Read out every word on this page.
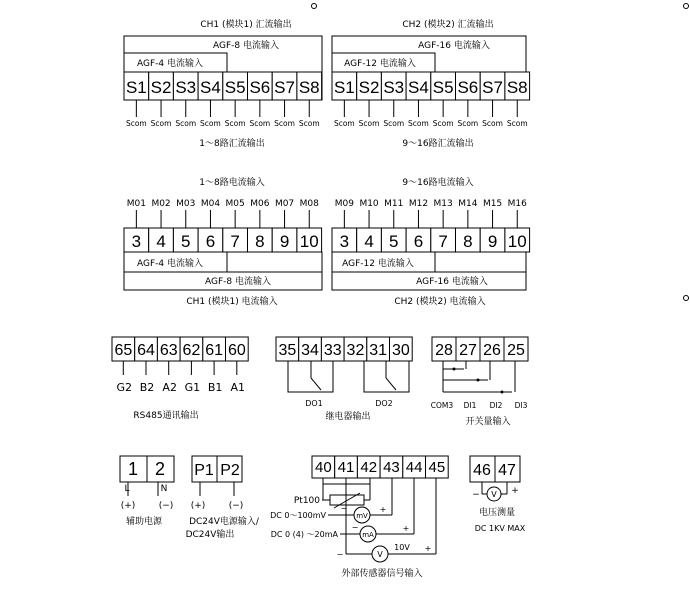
CH1 (模块1) 汇流输出
AGF-8 电流输入
AGF-4 电流输入
S1
Scom
S2
Scom
S3
Scom
S4
Scom
S5
Scom
S6
Scom
S7
Scom
S8
Scom
1～8路汇流输出
CH2 (模块2) 汇流输出
AGF-16 电流输入
AGF-12 电流输入
S1
Scom
S2
Scom
S3
Scom
S4
Scom
S5
Scom
S6
Scom
S7
Scom
S8
Scom
9～16路汇流输出
1～8路电流输入
M01
3
M02
4
M03
5
M04
6
M05
7
M06
8
M07
9
M08
10
AGF-4 电流输入
AGF-8 电流输入
CH1 (模块1) 电流输入
9～16路电流输入
M09
3
M10
4
M11
5
M12
6
M13
7
M14
8
M15
9
M16
10
AGF-12 电流输入
AGF-16 电流输入
CH2 (模块2) 电流输入
65 64 63 62 61 60
G2 B2 A2 G1 B1 A1
RS485通讯输出
35 34 33 32 31 30
DO1	DO2
继电器输出
28 27 26 25
COM3 DI1 DI2 DI3
开关量输入
1 2
L	N
(+)	(−)
辅助电源
P1 P2
(+)	(−)
DC24V电源输入/
DC24V输出
40 41 42 43 44 45
Pt100
DC 0～100mV	mV
−	+
DC 0 (4) ～20mA	mA
−	+
V
−
+
10V
外部传感器信号输入
46 47
V
−	+
电压测量
DC 1KV MAX
